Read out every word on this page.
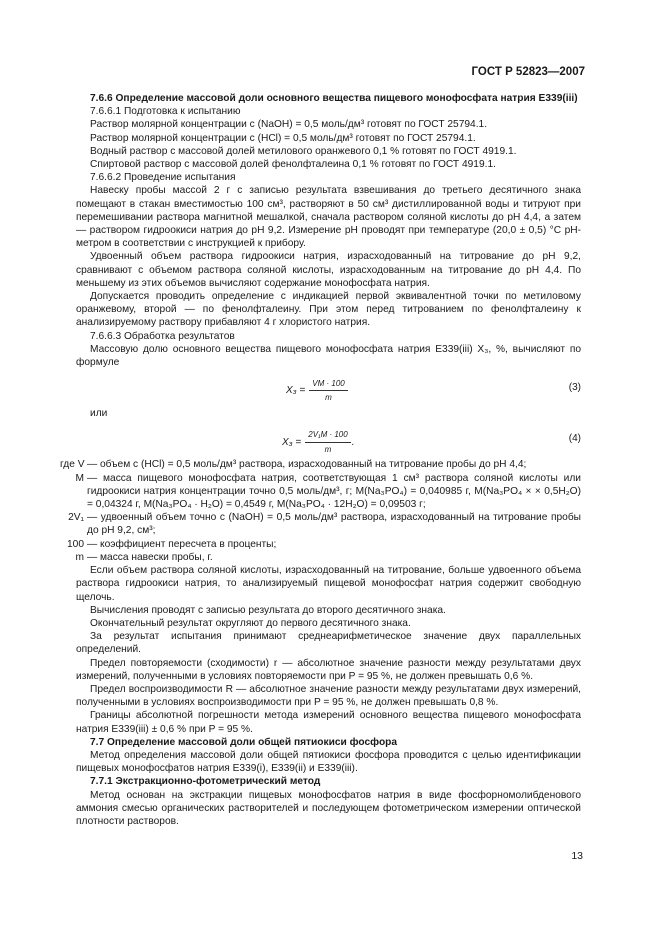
ГОСТ Р 52823—2007
7.6.6 Определение массовой доли основного вещества пищевого монофосфата натрия Е339(iii)
7.6.6.1 Подготовка к испытанию
Раствор молярной концентрации с (NaOH) = 0,5 моль/дм³ готовят по ГОСТ 25794.1.
Раствор молярной концентрации с (HCl) = 0,5 моль/дм³ готовят по ГОСТ 25794.1.
Водный раствор с массовой долей метилового оранжевого 0,1 % готовят по ГОСТ 4919.1.
Спиртовой раствор с массовой долей фенолфталеина 0,1 % готовят по ГОСТ 4919.1.
7.6.6.2 Проведение испытания
Навеску пробы массой 2 г с записью результата взвешивания до третьего десятичного знака помещают в стакан вместимостью 100 см³, растворяют в 50 см³ дистиллированной воды и титруют при перемешивании раствора магнитной мешалкой, сначала раствором соляной кислоты до рН 4,4, а затем — раствором гидроокиси натрия до рН 9,2. Измерение рН проводят при температуре (20,0 ± 0,5) °С рН-метром в соответствии с инструкцией к прибору.
Удвоенный объем раствора гидроокиси натрия, израсходованный на титрование до рН 9,2, сравнивают с объемом раствора соляной кислоты, израсходованным на титрование до рН 4,4. По меньшему из этих объемов вычисляют содержание монофосфата натрия.
Допускается проводить определение с индикацией первой эквивалентной точки по метиловому оранжевому, второй — по фенолфталеину. При этом перед титрованием по фенолфталеину к анализируемому раствору прибавляют 4 г хлористого натрия.
7.6.6.3 Обработка результатов
Массовую долю основного вещества пищевого монофосфата натрия Е339(iii) X₃, %, вычисляют по формуле
$X_3 = \frac{VM \cdot 100}{m}$	(3)
или
$X_3 = \frac{\text{2V₁M · 100}}{m}$ .	(4)
где V — объем с (HCl) = 0,5 моль/дм³ раствора, израсходованный на титрование пробы до рН 4,4;
M — масса пищевого монофосфата натрия, соответствующая 1 см³ раствора соляной кислоты или гидроокиси натрия концентрации точно 0,5 моль/дм³, г; M(Na₃PO₄) = 0,040985 г, M(Na₃PO₄ × × 0,5H₂O) = 0,04324 г, M(Na₃PO₄ · H₂O) = 0,4549 г, M(Na₃PO₄ · 12H₂O) = 0,09503 г;
2V₁ — удвоенный объем точно с (NaOH) = 0,5 моль/дм³ раствора, израсходованный на титрование пробы до рН 9,2, см³;
100 — коэффициент пересчета в проценты;
m — масса навески пробы, г.
Если объем раствора соляной кислоты, израсходованный на титрование, больше удвоенного объема раствора гидроокиси натрия, то анализируемый пищевой монофосфат натрия содержит свободную щелочь.
Вычисления проводят с записью результата до второго десятичного знака.
Окончательный результат округляют до первого десятичного знака.
За результат испытания принимают среднеарифметическое значение двух параллельных определений.
Предел повторяемости (сходимости) r — абсолютное значение разности между результатами двух измерений, полученными в условиях повторяемости при P = 95 %, не должен превышать 0,6 %.
Предел воспроизводимости R — абсолютное значение разности между результатами двух измерений, полученными в условиях воспроизводимости при P = 95 %, не должен превышать 0,8 %.
Границы абсолютной погрешности метода измерений основного вещества пищевого монофосфата натрия Е339(iii) ± 0,6 % при P = 95 %.
7.7 Определение массовой доли общей пятиокиси фосфора
Метод определения массовой доли общей пятиокиси фосфора проводится с целью идентификации пищевых монофосфатов натрия Е339(i), Е339(ii) и Е339(iii).
7.7.1 Экстракционно-фотометрический метод
Метод основан на экстракции пищевых монофосфатов натрия в виде фосфорномолибденового аммония смесью органических растворителей и последующем фотометрическом измерении оптической плотности растворов.
13
